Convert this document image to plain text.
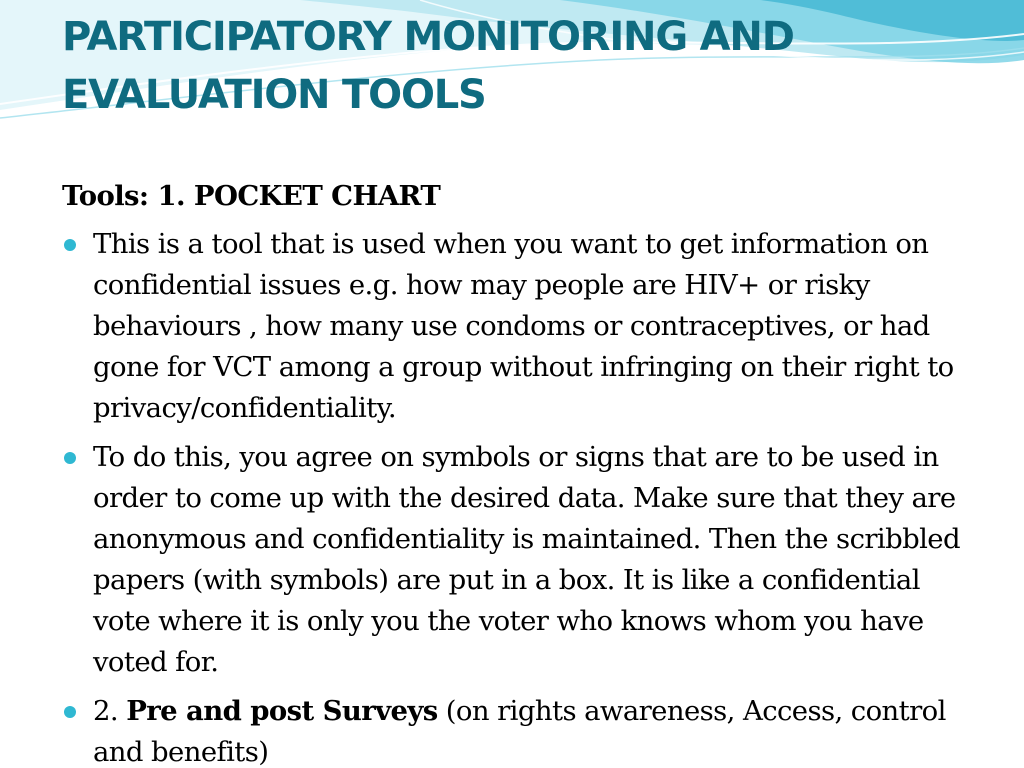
PARTICIPATORY MONITORING AND EVALUATION TOOLS

Tools: 1. POCKET CHART

This is a tool that is used when you want to get information on confidential issues e.g. how may people are HIV+ or risky behaviours , how many use condoms or contraceptives, or had gone for VCT among a group without infringing on their right to privacy/confidentiality.
To do this, you agree on symbols or signs that are to be used in order to come up with the desired data. Make sure that they are anonymous and confidentiality is maintained. Then the scribbled papers (with symbols) are put in a box. It is like a confidential vote where it is only you the voter who knows whom you have voted for.
2. Pre and post Surveys (on rights awareness, Access, control and benefits)
